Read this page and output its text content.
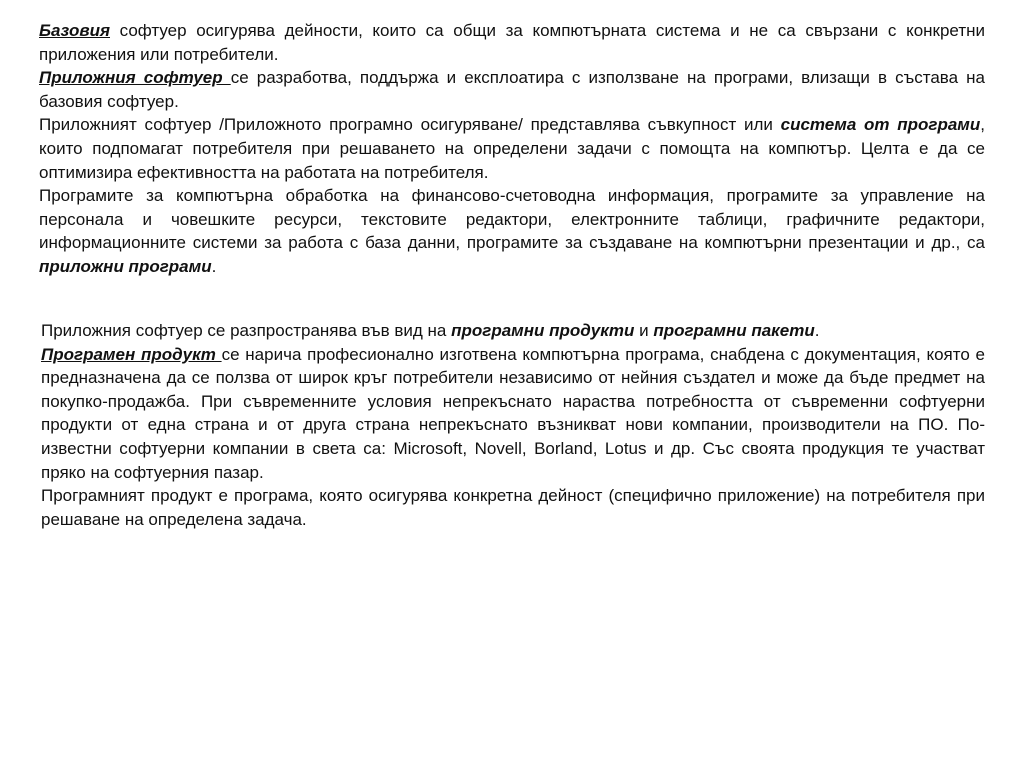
Базовия софтуер осигурява дейности, които са общи за компютърната система и не са свързани с конкретни приложения или потребители.

Приложния софтуер се разработва, поддържа и експлоатира с използване на програми, влизащи в състава на базовия софтуер.

Приложният софтуер /Приложното програмно осигуряване/ представлява съвкупност или система от програми, които подпомагат потребителя при решаването на определени задачи с помощта на компютър. Целта е да се оптимизира ефективността на работата на потребителя.

Програмите за компютърна обработка на финансово-счетоводна информация, програмите за управление на персонала и човешките ресурси, текстовите редактори, електронните таблици, графичните редактори, информационните системи за работа с база данни, програмите за създаване на компютърни презентации и др., са приложни програми.

Приложния софтуер се разпространява във вид на програмни продукти и програмни пакети.

Програмен продукт се нарича професионално изготвена компютърна програма, снабдена с документация, която е предназначена да се ползва от широк кръг потребители независимо от нейния създател и може да бъде предмет на покупко-продажба. При съвременните условия непрекъснато нараства потребността от съвременни софтуерни продукти от една страна и от друга страна непрекъснато възникват нови компании, производители на ПО. По-известни софтуерни компании в света са: Microsoft, Novell, Borland, Lotus и др. Със своята продукция те участват пряко на софтуерния пазар.

Програмният продукт е програма, която осигурява конкретна дейност (специфично приложение) на потребителя при решаване на определена задача.
